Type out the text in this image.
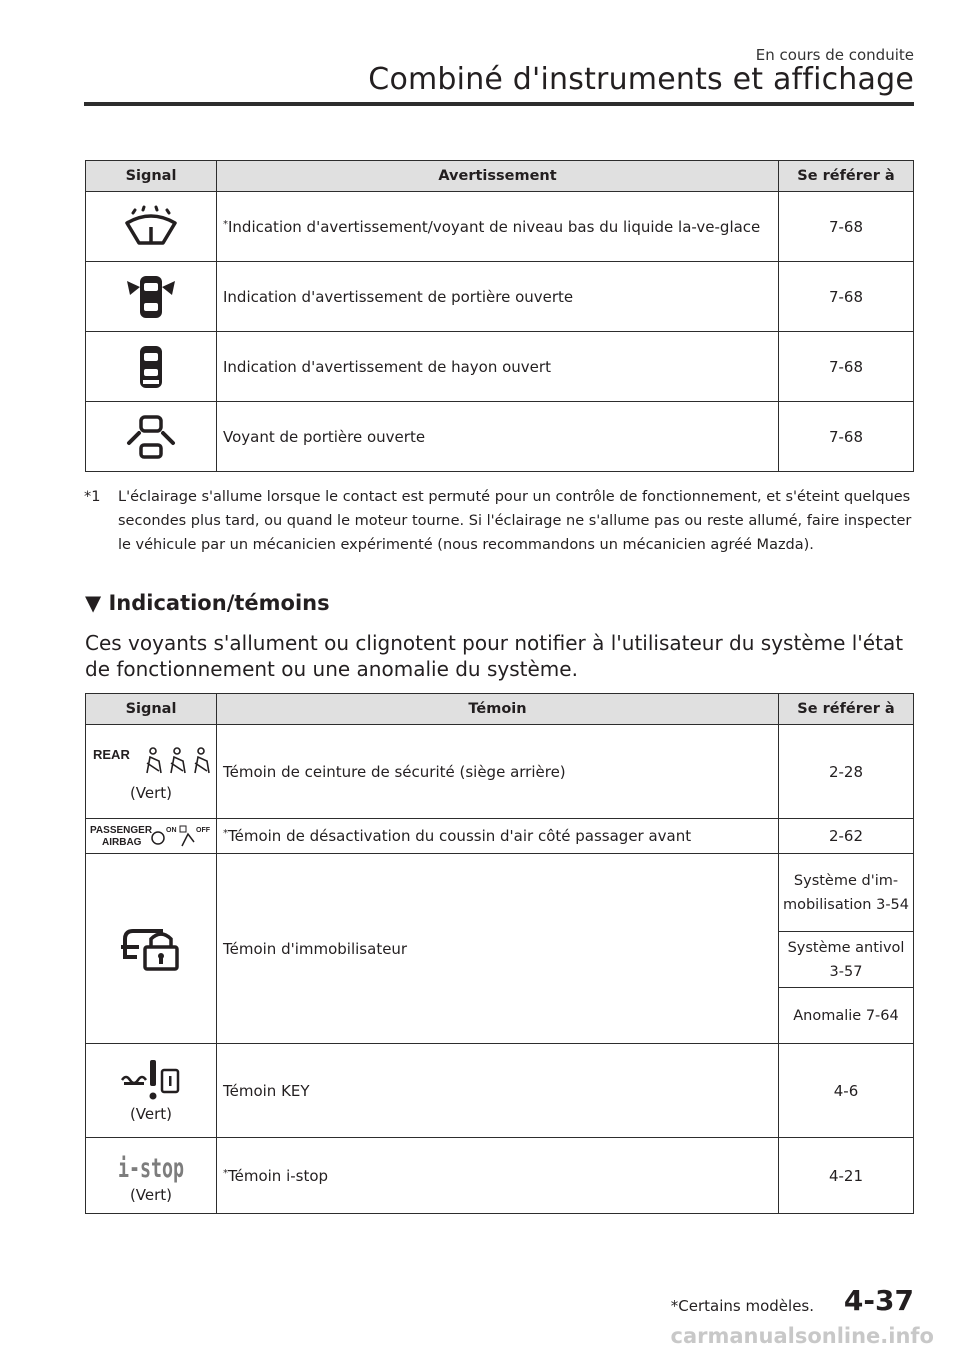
En cours de conduite
Combiné d'instruments et affichage
Signal	Avertissement	Se référer à

	*Indication d'avertissement/voyant de niveau bas du liquide la-ve-glace	7-68

	Indication d'avertissement de portière ouverte	7-68

	Indication d'avertissement de hayon ouvert	7-68

	Voyant de portière ouverte	7-68
*1 L'éclairage s'allume lorsque le contact est permuté pour un contrôle de fonctionnement, et s'éteint quelques secondes plus tard, ou quand le moteur tourne. Si l'éclairage ne s'allume pas ou reste allumé, faire inspecter le véhicule par un mécanicien expérimenté (nous recommandons un mécanicien agréé Mazda).
▼ Indication/témoins
Ces voyants s'allument ou clignotent pour notifier à l'utilisateur du système l'état de fonctionnement ou une anomalie du système.
Signal	Témoin	Se référer à

REAR
(Vert)	Témoin de ceinture de sécurité (siège arrière)	2-28

PASSENGER
AIRBAG
ON OFF	*Témoin de désactivation du coussin d'air côté passager avant	2-62

	Témoin d'immobilisateur	Système d'im-mobilisation 3-54
		Système antivol 3-57
		Anomalie 7-64

(Vert)	Témoin KEY	4-6

i-stop
(Vert)	*Témoin i-stop	4-21
*Certains modèles. 4-37
carmanualsonline.info
